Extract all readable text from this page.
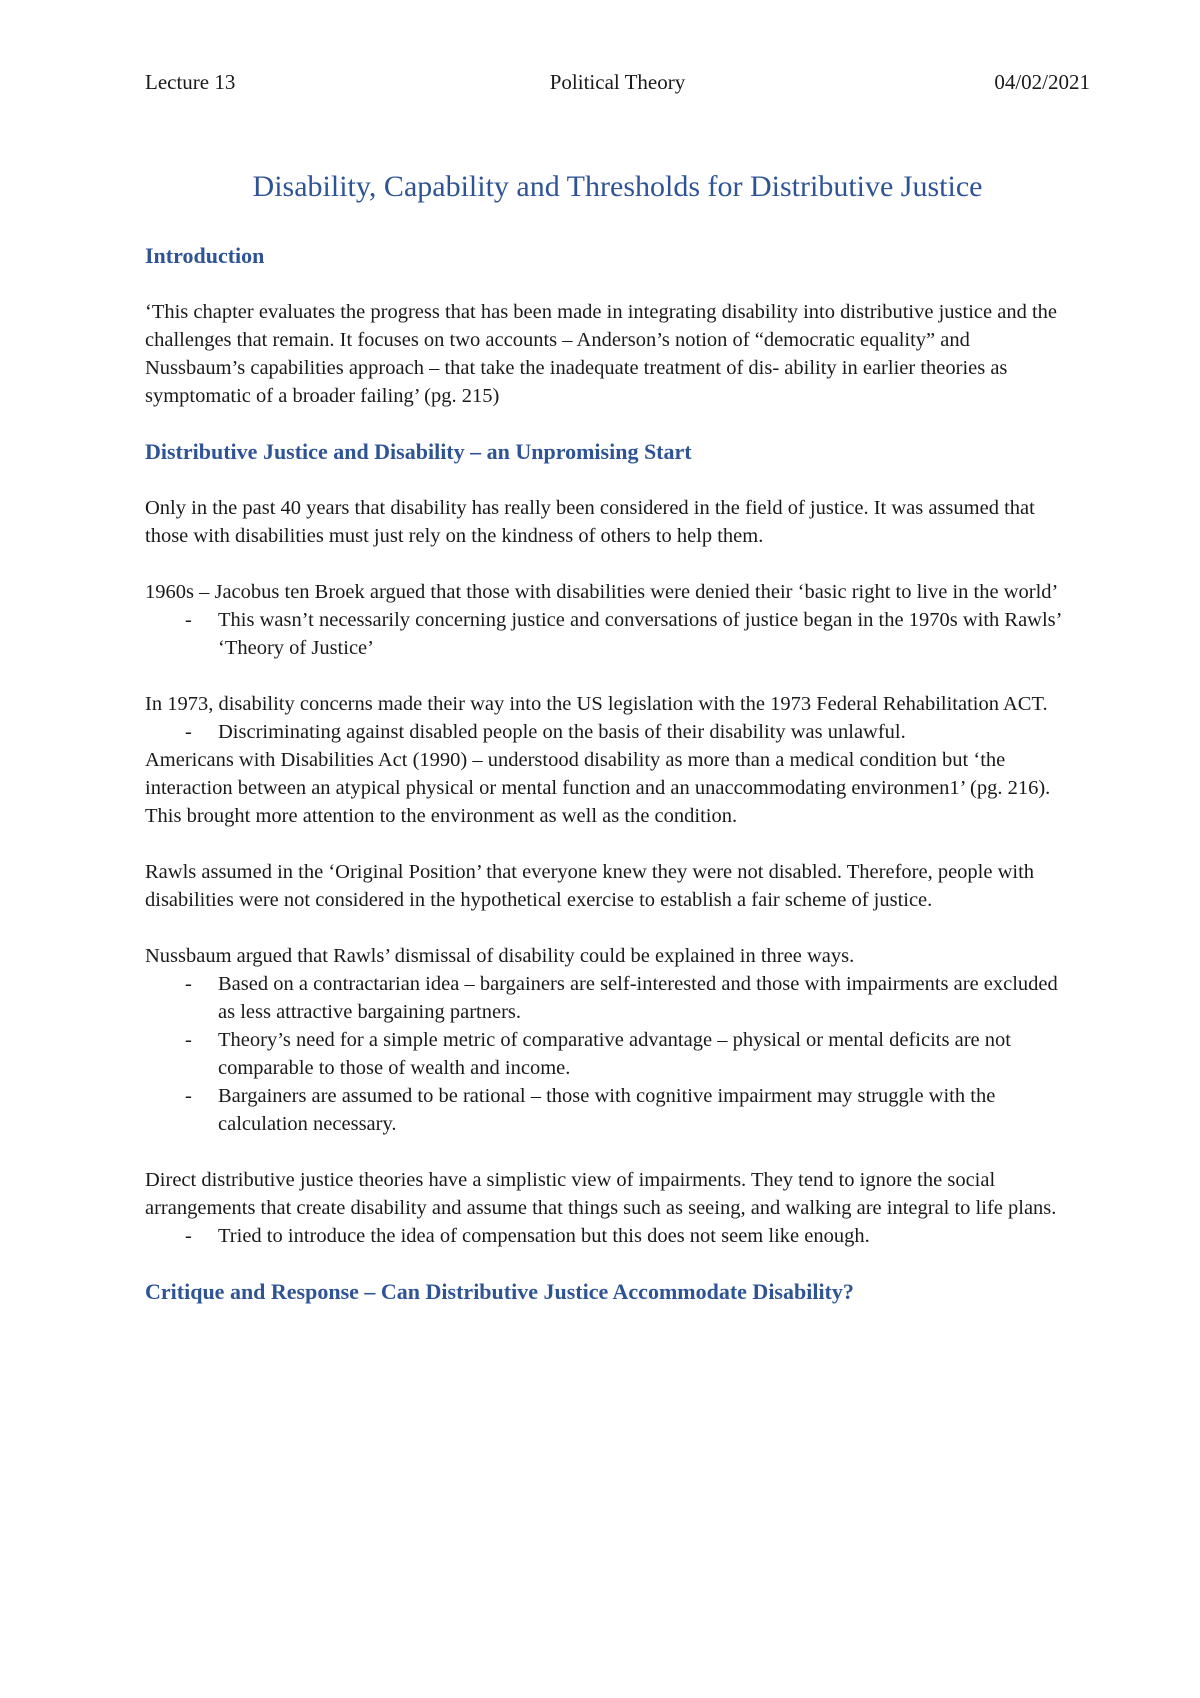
Lecture 13	Political Theory	04/02/2021
Disability, Capability and Thresholds for Distributive Justice
Introduction

‘This chapter evaluates the progress that has been made in integrating disability into distributive justice and the challenges that remain. It focuses on two accounts – Anderson’s notion of “democratic equality” and Nussbaum’s capabilities approach – that take the inadequate treatment of dis- ability in earlier theories as symptomatic of a broader failing’ (pg. 215)

Distributive Justice and Disability – an Unpromising Start

Only in the past 40 years that disability has really been considered in the field of justice. It was assumed that those with disabilities must just rely on the kindness of others to help them.

1960s – Jacobus ten Broek argued that those with disabilities were denied their ‘basic right to live in the world’

- This wasn’t necessarily concerning justice and conversations of justice began in the 1970s with Rawls’ ‘Theory of Justice’

In 1973, disability concerns made their way into the US legislation with the 1973 Federal Rehabilitation ACT.

- Discriminating against disabled people on the basis of their disability was unlawful.

Americans with Disabilities Act (1990) – understood disability as more than a medical condition but ‘the interaction between an atypical physical or mental function and an unaccommodating environmen1’ (pg. 216). This brought more attention to the environment as well as the condition.

Rawls assumed in the ‘Original Position’ that everyone knew they were not disabled. Therefore, people with disabilities were not considered in the hypothetical exercise to establish a fair scheme of justice.

Nussbaum argued that Rawls’ dismissal of disability could be explained in three ways.

- Based on a contractarian idea – bargainers are self-interested and those with impairments are excluded as less attractive bargaining partners.
- Theory’s need for a simple metric of comparative advantage – physical or mental deficits are not comparable to those of wealth and income.
- Bargainers are assumed to be rational – those with cognitive impairment may struggle with the calculation necessary.

Direct distributive justice theories have a simplistic view of impairments. They tend to ignore the social arrangements that create disability and assume that things such as seeing, and walking are integral to life plans.

- Tried to introduce the idea of compensation but this does not seem like enough.
Critique and Response – Can Distributive Justice Accommodate Disability?
